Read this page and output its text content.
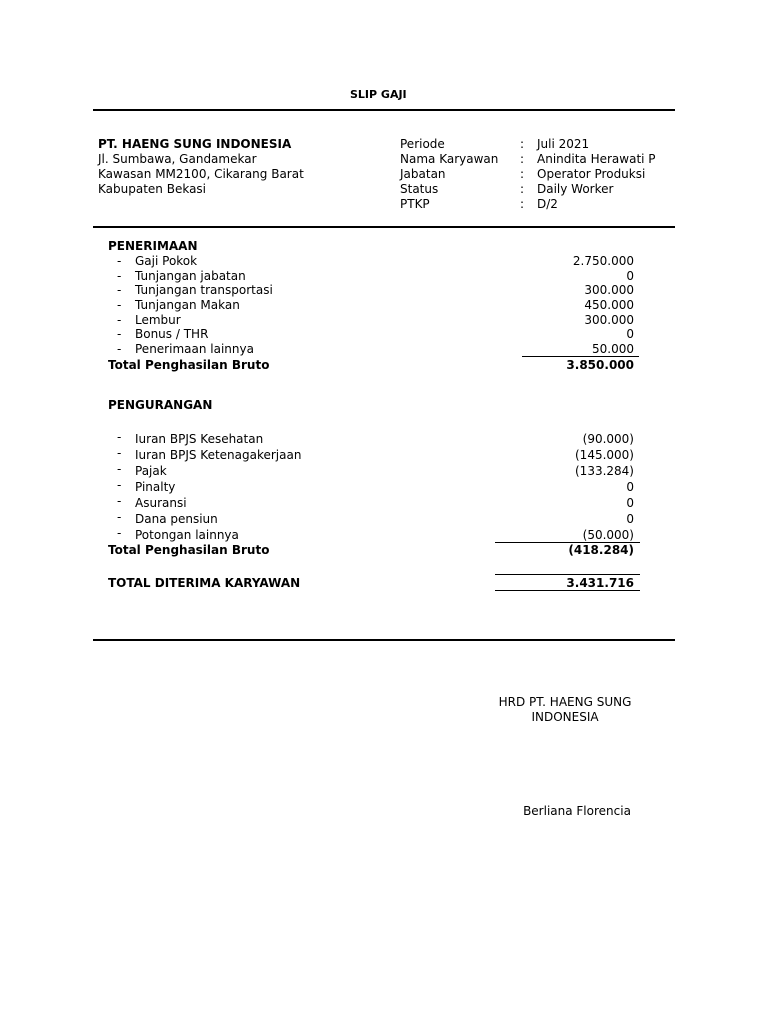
SLIP GAJI
PT. HAENG SUNG INDONESIA
Jl. Sumbawa, Gandamekar
Kawasan MM2100, Cikarang Barat
Kabupaten Bekasi
Periode	: Juli 2021
Nama Karyawan : Anindita Herawati P
Jabatan	: Operator Produksi
Status	: Daily Worker
PTKP	: D/2
PENERIMAAN
- Gaji Pokok	2.750.000
- Tunjangan jabatan	0
- Tunjangan transportasi	300.000
- Tunjangan Makan	450.000
- Lembur	300.000
- Bonus / THR	0
- Penerimaan lainnya	50.000
Total Penghasilan Bruto	3.850.000
PENGURANGAN
- Iuran BPJS Kesehatan	(90.000)
- Iuran BPJS Ketenagakerjaan	(145.000)
- Pajak	(133.284)
- Pinalty	0
- Asuransi	0
- Dana pensiun	0
- Potongan lainnya	(50.000)
Total Penghasilan Bruto	(418.284)
TOTAL DITERIMA KARYAWAN	3.431.716
HRD PT. HAENG SUNG
INDONESIA
Berliana Florencia
